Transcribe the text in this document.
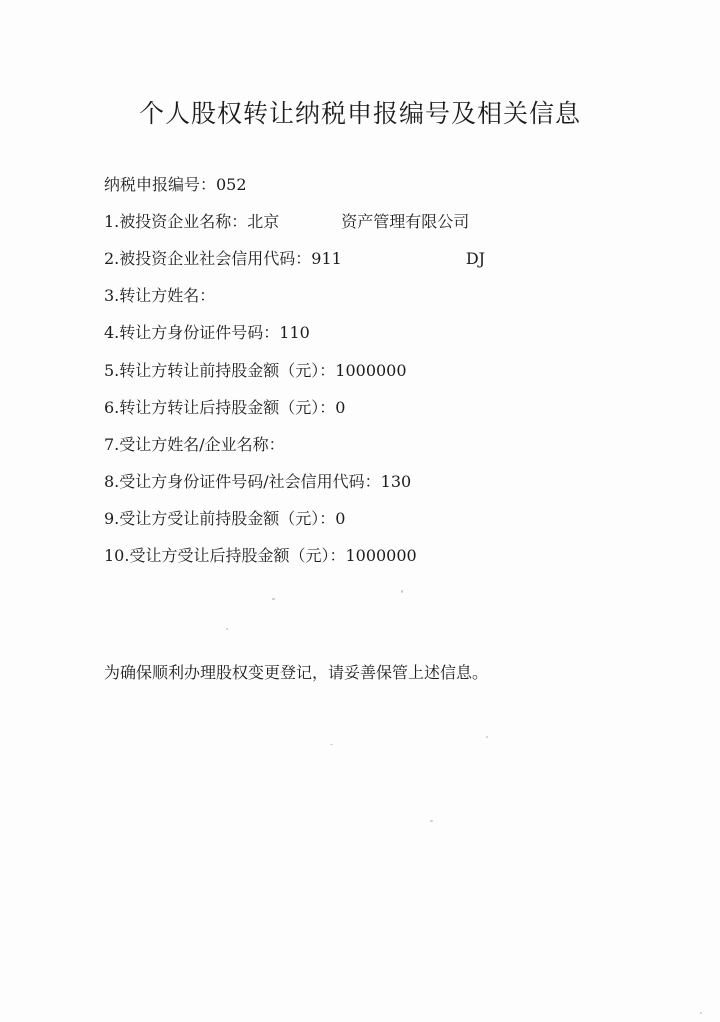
个人股权转让纳税申报编号及相关信息
纳税申报编号：052
1.被投资企业名称：北京	资产管理有限公司
2.被投资企业社会信用代码：911	DJ
3.转让方姓名：
4.转让方身份证件号码：110
5.转让方转让前持股金额（元）：1000000
6.转让方转让后持股金额（元）：0
7.受让方姓名/企业名称：
8.受让方身份证件号码/社会信用代码：130
9.受让方受让前持股金额（元）：0
10.受让方受让后持股金额（元）：1000000
为确保顺利办理股权变更登记，请妥善保管上述信息。
